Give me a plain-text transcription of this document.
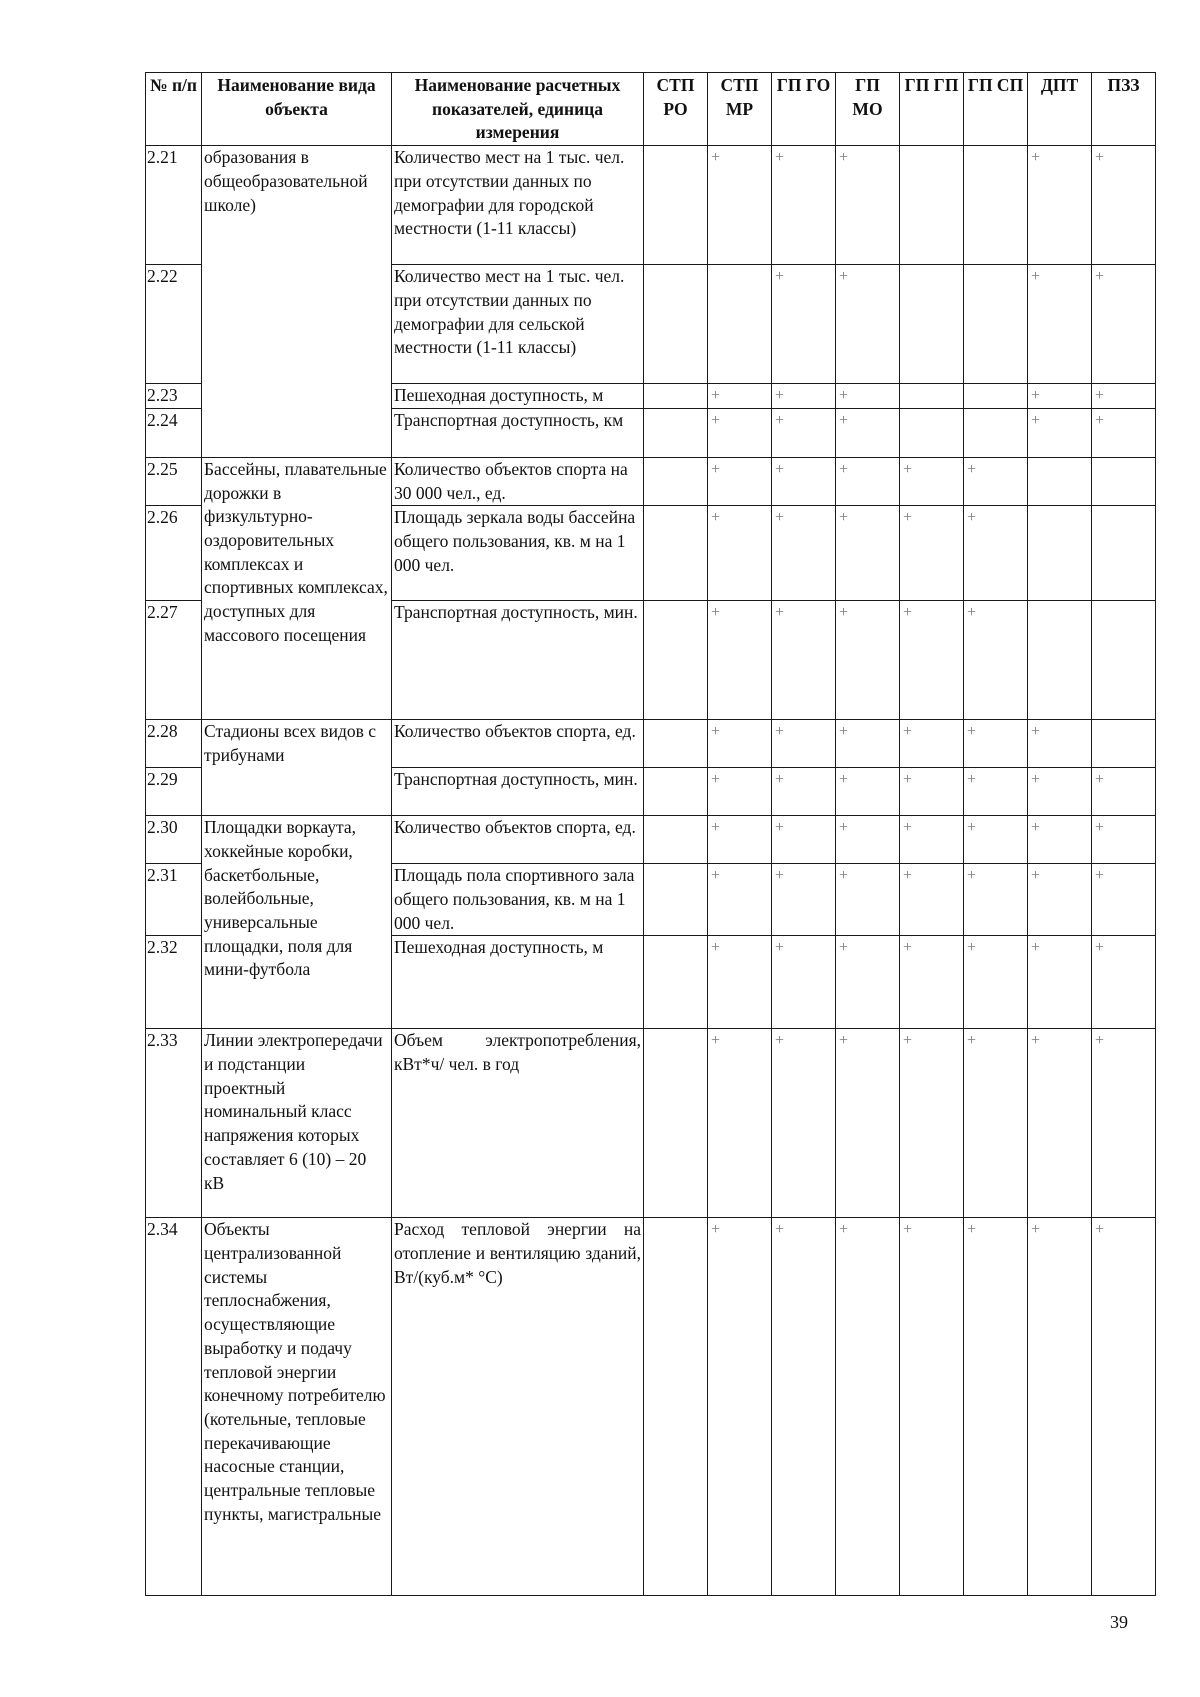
№ п/п	Наименование вида объекта	Наименование расчетных показателей, единица измерения	СТП РО	СТП МР	ГП ГО	ГП МО	ГП ГП	ГП СП	ДПТ	ПЗЗ
2.21	образования в общеобразовательной школе)	Количество мест на 1 тыс. чел. при отсутствии данных по демографии для городской местности (1-11 классы)		+	+	+			+	+
2.22		Количество мест на 1 тыс. чел. при отсутствии данных по демографии для сельской местности (1-11 классы)			+	+			+	+
2.23		Пешеходная доступность, м		+	+	+			+	+
2.24		Транспортная доступность, км		+	+	+			+	+
2.25	Бассейны, плавательные дорожки в физкультурно-оздоровительных комплексах и спортивных комплексах, доступных для массового посещения	Количество объектов спорта на 30 000 чел., ед.		+	+	+	+	+		
2.26		Площадь зеркала воды бассейна общего пользования, кв. м на 1 000 чел.		+	+	+	+	+		
2.27		Транспортная доступность, мин.		+	+	+	+	+		
2.28	Стадионы всех видов с трибунами	Количество объектов спорта, ед.		+	+	+	+	+	+	
2.29		Транспортная доступность, мин.		+	+	+	+	+	+	+
2.30	Площадки воркаута, хоккейные коробки, баскетбольные, волейбольные, универсальные площадки, поля для мини-футбола	Количество объектов спорта, ед.		+	+	+	+	+	+	+
2.31		Площадь пола спортивного зала общего пользования, кв. м на 1 000 чел.		+	+	+	+	+	+	+
2.32		Пешеходная доступность, м		+	+	+	+	+	+	+
2.33	Линии электропередачи и подстанции проектный номинальный класс напряжения которых составляет 6 (10) – 20 кВ	Объем электропотребления, кВт*ч/ чел. в год		+	+	+	+	+	+	+
2.34	Объекты централизованной системы теплоснабжения, осуществляющие выработку и подачу тепловой энергии конечному потребителю (котельные, тепловые перекачивающие насосные станции, центральные тепловые пункты, магистральные	Расход тепловой энергии на отопление и вентиляцию зданий, Вт/(куб.м* °С)		+	+	+	+	+	+	+
39
